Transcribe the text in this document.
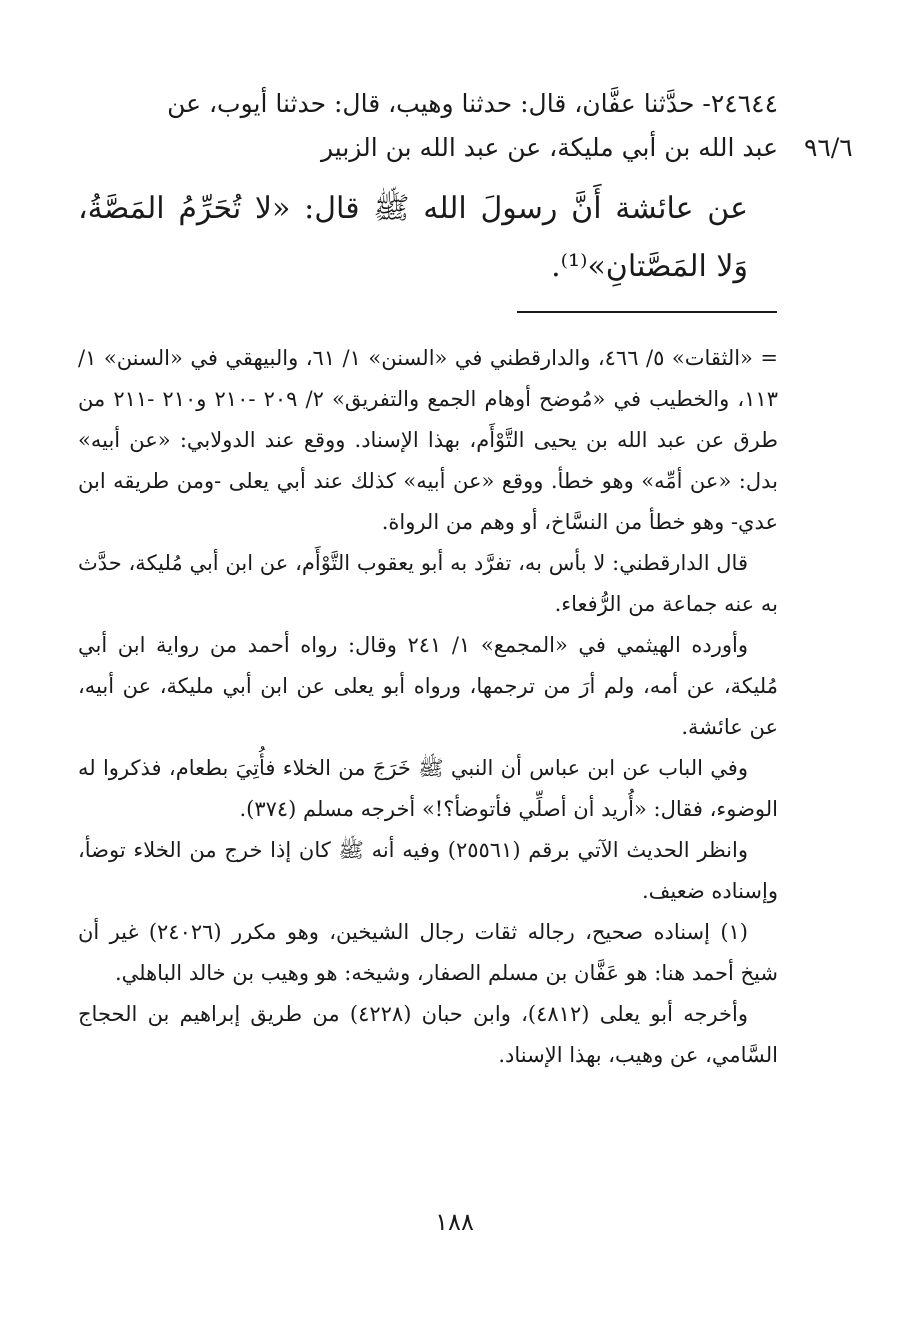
٢٤٦٤٤- حدَّثنا عفَّان، قال: حدثنا وهيب، قال: حدثنا أيوب، عن
عبد الله بن أبي مليكة، عن عبد الله بن الزبير ٩٦/٦
عن عائشة أَنَّ رسولَ الله ﷺ قال: «لا تُحَرِّمُ المَصَّةُ، وَلا المَصَّتانِ»⁽¹⁾.

= «الثقات» ٥/ ٤٦٦، والدارقطني في «السنن» ١/ ٦١، والبيهقي في «السنن» ١/ ١١٣، والخطيب في «مُوضح أوهام الجمع والتفريق» ٢/ ٢٠٩ -٢١٠ و٢١٠ -٢١١ من طرق عن عبد الله بن يحيى التَّوْأَم، بهذا الإسناد. ووقع عند الدولابي: «عن أبيه» بدل: «عن أمِّه» وهو خطأ. ووقع «عن أبيه» كذلك عند أبي يعلى -ومن طريقه ابن عدي- وهو خطأ من النسَّاخ، أو وهم من الرواة.

قال الدارقطني: لا بأس به، تفرَّد به أبو يعقوب التَّوْأَم، عن ابن أبي مُليكة، حدَّث به عنه جماعة من الرُّفعاء.

وأورده الهيثمي في «المجمع» ١/ ٢٤١ وقال: رواه أحمد من رواية ابن أبي مُليكة، عن أمه، ولم أرَ من ترجمها، ورواه أبو يعلى عن ابن أبي مليكة، عن أبيه، عن عائشة.

وفي الباب عن ابن عباس أن النبي ﷺ خَرَجَ من الخلاء فأُتِيَ بطعام، فذكروا له الوضوء، فقال: «أُريد أن أصلِّي فأتوضأ؟!» أخرجه مسلم (٣٧٤).

وانظر الحديث الآتي برقم (٢٥٥٦١) وفيه أنه ﷺ كان إذا خرج من الخلاء توضأ، وإسناده ضعيف.

(١) إسناده صحيح، رجاله ثقات رجال الشيخين، وهو مكرر (٢٤٠٢٦) غير أن شيخ أحمد هنا: هو عَفَّان بن مسلم الصفار، وشيخه: هو وهيب بن خالد الباهلي.

وأخرجه أبو يعلى (٤٨١٢)، وابن حبان (٤٢٢٨) من طريق إبراهيم بن الحجاج السَّامي، عن وهيب، بهذا الإسناد.

١٨٨
